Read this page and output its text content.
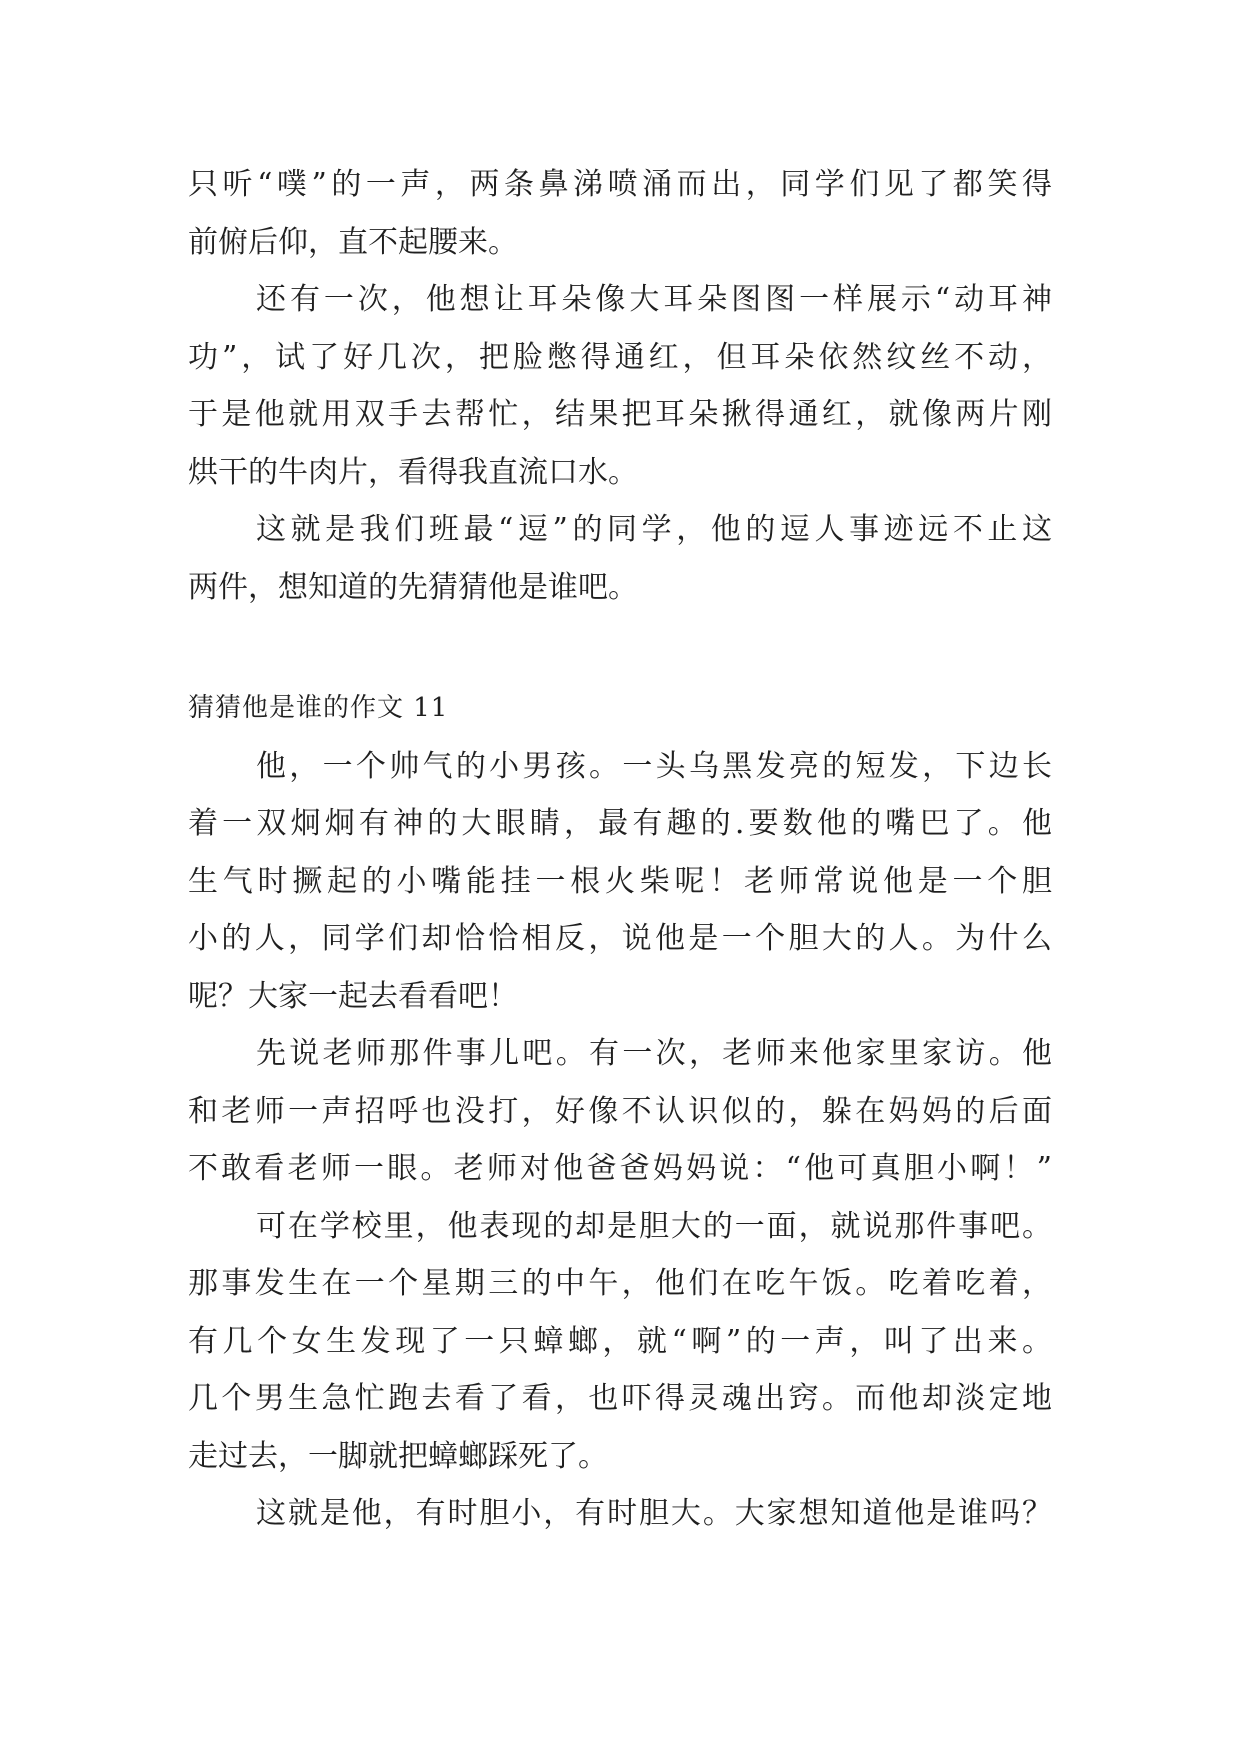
只听“噗”的一声，两条鼻涕喷涌而出，同学们见了都笑得
前俯后仰，直不起腰来。
还有一次，他想让耳朵像大耳朵图图一样展示“动耳神
功”，试了好几次，把脸憋得通红，但耳朵依然纹丝不动，
于是他就用双手去帮忙，结果把耳朵揪得通红，就像两片刚
烘干的牛肉片，看得我直流口水。
这就是我们班最“逗”的同学，他的逗人事迹远不止这
两件，想知道的先猜猜他是谁吧。
猜猜他是谁的作文 11
他，一个帅气的小男孩。一头乌黑发亮的短发，下边长
着一双炯炯有神的大眼睛，最有趣的.要数他的嘴巴了。他
生气时撅起的小嘴能挂一根火柴呢！老师常说他是一个胆
小的人，同学们却恰恰相反，说他是一个胆大的人。为什么
呢？大家一起去看看吧！
先说老师那件事儿吧。有一次，老师来他家里家访。他
和老师一声招呼也没打，好像不认识似的，躲在妈妈的后面
不敢看老师一眼。老师对他爸爸妈妈说：“他可真胆小啊！”
可在学校里，他表现的却是胆大的一面，就说那件事吧。
那事发生在一个星期三的中午，他们在吃午饭。吃着吃着，
有几个女生发现了一只蟑螂，就“啊”的一声，叫了出来。
几个男生急忙跑去看了看，也吓得灵魂出窍。而他却淡定地
走过去，一脚就把蟑螂踩死了。
这就是他，有时胆小，有时胆大。大家想知道他是谁吗？
